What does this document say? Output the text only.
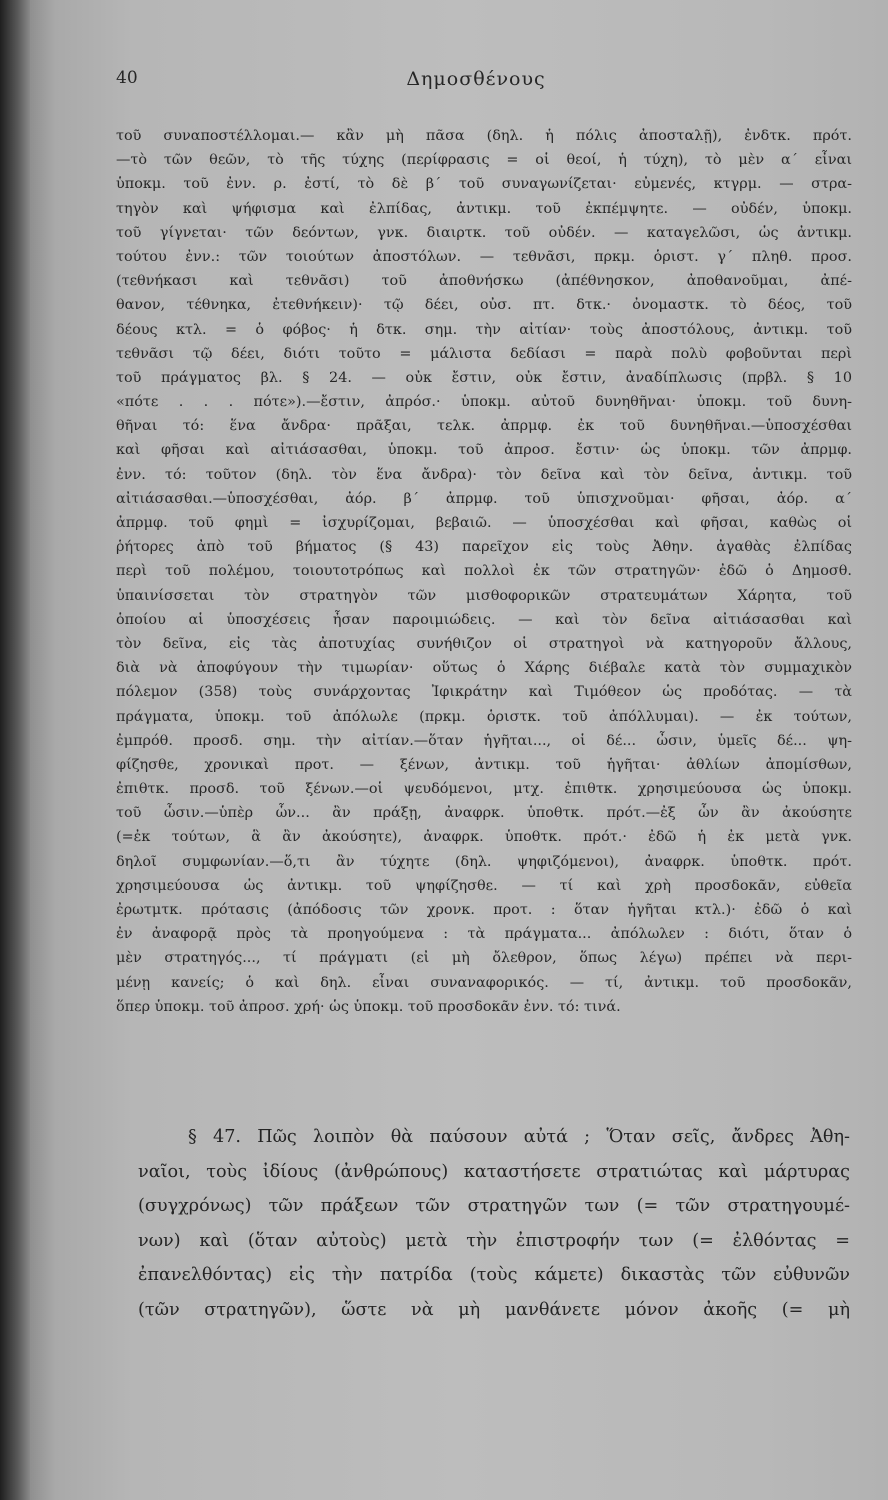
40	Δημοσθένους
τοῦ συναποστέλλομαι.— κἂν μὴ πᾶσα (δηλ. ἡ πόλις ἀποσταλῇ), ἐνδτκ. πρότ.
—τὸ τῶν θεῶν, τὸ τῆς τύχης (περίφρασις = οἱ θεοί, ἡ τύχη), τὸ μὲν α΄ εἶναι
ὑποκμ. τοῦ ἐνν. ρ. ἐστί, τὸ δὲ β΄ τοῦ συναγωνίζεται· εὐμενές, κτγρμ. — στρα-
τηγὸν καὶ ψήφισμα καὶ ἐλπίδας, ἀντικμ. τοῦ ἐκπέμψητε. — οὐδέν, ὑποκμ.
τοῦ γίγνεται· τῶν δεόντων, γνκ. διαιρτκ. τοῦ οὐδέν. — καταγελῶσι, ὡς ἀντικμ.
τούτου ἐνν.: τῶν τοιούτων ἀποστόλων. — τεθνᾶσι, πρκμ. ὁριστ. γ΄ πληθ. προσ.
(τεθνήκασι καὶ τεθνᾶσι) τοῦ ἀποθνήσκω (ἀπέθνησκον, ἀποθανοῦμαι, ἀπέ-
θανον, τέθνηκα, ἐτεθνήκειν)· τῷ δέει, οὐσ. πτ. δτκ.· ὀνομαστκ. τὸ δέος, τοῦ
δέους κτλ. = ὁ φόβος· ἡ δτκ. σημ. τὴν αἰτίαν· τοὺς ἀποστόλους, ἀντικμ. τοῦ
τεθνᾶσι τῷ δέει, διότι τοῦτο = μάλιστα δεδίασι = παρὰ πολὺ φοβοῦνται περὶ
τοῦ πράγματος βλ. § 24. — οὐκ ἔστιν, οὐκ ἔστιν, ἀναδίπλωσις (πρβλ. § 10
«πότε . . . πότε»).—ἔστιν, ἀπρόσ.· ὑποκμ. αὐτοῦ δυνηθῆναι· ὑποκμ. τοῦ δυνη-
θῆναι τό: ἕνα ἄνδρα· πρᾶξαι, τελκ. ἀπρμφ. ἐκ τοῦ δυνηθῆναι.—ὑποσχέσθαι
καὶ φῆσαι καὶ αἰτιάσασθαι, ὑποκμ. τοῦ ἀπροσ. ἔστιν· ὡς ὑποκμ. τῶν ἀπρμφ.
ἐνν. τό: τοῦτον (δηλ. τὸν ἕνα ἄνδρα)· τὸν δεῖνα καὶ τὸν δεῖνα, ἀντικμ. τοῦ
αἰτιάσασθαι.—ὑποσχέσθαι, ἀόρ. β΄ ἀπρμφ. τοῦ ὑπισχνοῦμαι· φῆσαι, ἀόρ. α΄
ἀπρμφ. τοῦ φημὶ = ἰσχυρίζομαι, βεβαιῶ. — ὑποσχέσθαι καὶ φῆσαι, καθὼς οἱ
ῥήτορες ἀπὸ τοῦ βήματος (§ 43) παρεῖχον εἰς τοὺς Ἀθην. ἀγαθὰς ἐλπίδας
περὶ τοῦ πολέμου, τοιουτοτρόπως καὶ πολλοὶ ἐκ τῶν στρατηγῶν· ἐδῶ ὁ Δημοσθ.
ὑπαινίσσεται τὸν στρατηγὸν τῶν μισθοφορικῶν στρατευμάτων Χάρητα, τοῦ
ὁποίου αἱ ὑποσχέσεις ἦσαν παροιμιώδεις. — καὶ τὸν δεῖνα αἰτιάσασθαι καὶ
τὸν δεῖνα, εἰς τὰς ἀποτυχίας συνήθιζον οἱ στρατηγοὶ νὰ κατηγοροῦν ἄλλους,
διὰ νὰ ἀποφύγουν τὴν τιμωρίαν· οὕτως ὁ Χάρης διέβαλε κατὰ τὸν συμμαχικὸν
πόλεμον (358) τοὺς συνάρχοντας Ἰφικράτην καὶ Τιμόθεον ὡς προδότας. — τὰ
πράγματα, ὑποκμ. τοῦ ἀπόλωλε (πρκμ. ὁριστκ. τοῦ ἀπόλλυμαι). — ἐκ τούτων,
ἐμπρόθ. προσδ. σημ. τὴν αἰτίαν.—ὅταν ἡγῆται..., οἱ δέ... ὦσιν, ὑμεῖς δέ... ψη-
φίζησθε, χρονικαὶ προτ. — ξένων, ἀντικμ. τοῦ ἡγῆται· ἀθλίων ἀπομίσθων,
ἐπιθτκ. προσδ. τοῦ ξένων.—οἱ ψευδόμενοι, μτχ. ἐπιθτκ. χρησιμεύουσα ὡς ὑποκμ.
τοῦ ὦσιν.—ὑπὲρ ὧν... ἂν πράξῃ, ἀναφρκ. ὑποθτκ. πρότ.—ἐξ ὧν ἂν ἀκούσητε
(=ἐκ τούτων, ἃ ἂν ἀκούσητε), ἀναφρκ. ὑποθτκ. πρότ.· ἐδῶ ἡ ἐκ μετὰ γνκ.
δηλοῖ συμφωνίαν.—ὅ,τι ἂν τύχητε (δηλ. ψηφιζόμενοι), ἀναφρκ. ὑποθτκ. πρότ.
χρησιμεύουσα ὡς ἀντικμ. τοῦ ψηφίζησθε. — τί καὶ χρὴ προσδοκᾶν, εὐθεῖα
ἐρωτμτκ. πρότασις (ἀπόδοσις τῶν χρονκ. προτ. : ὅταν ἡγῆται κτλ.)· ἐδῶ ὁ καὶ
ἐν ἀναφορᾷ πρὸς τὰ προηγούμενα : τὰ πράγματα... ἀπόλωλεν : διότι, ὅταν ὁ
μὲν στρατηγός..., τί πράγματι (εἰ μὴ ὄλεθρον, ὅπως λέγω) πρέπει νὰ περι-
μένῃ κανείς; ὁ καὶ δηλ. εἶναι συναναφορικός. — τί, ἀντικμ. τοῦ προσδοκᾶν,
ὅπερ ὑποκμ. τοῦ ἀπροσ. χρή· ὡς ὑποκμ. τοῦ προσδοκᾶν ἐνν. τό: τινά.
§ 47. Πῶς λοιπὸν θὰ παύσουν αὐτά ; Ὅταν σεῖς, ἄνδρες Ἀθη-
ναῖοι, τοὺς ἰδίους (ἀνθρώπους) καταστήσετε στρατιώτας καὶ μάρτυρας
(συγχρόνως) τῶν πράξεων τῶν στρατηγῶν των (= τῶν στρατηγουμέ-
νων) καὶ (ὅταν αὐτοὺς) μετὰ τὴν ἐπιστροφήν των (= ἐλθόντας =
ἐπανελθόντας) εἰς τὴν πατρίδα (τοὺς κάμετε) δικαστὰς τῶν εὐθυνῶν
(τῶν στρατηγῶν), ὥστε νὰ μὴ μανθάνετε μόνον ἀκοῆς (= μὴ
